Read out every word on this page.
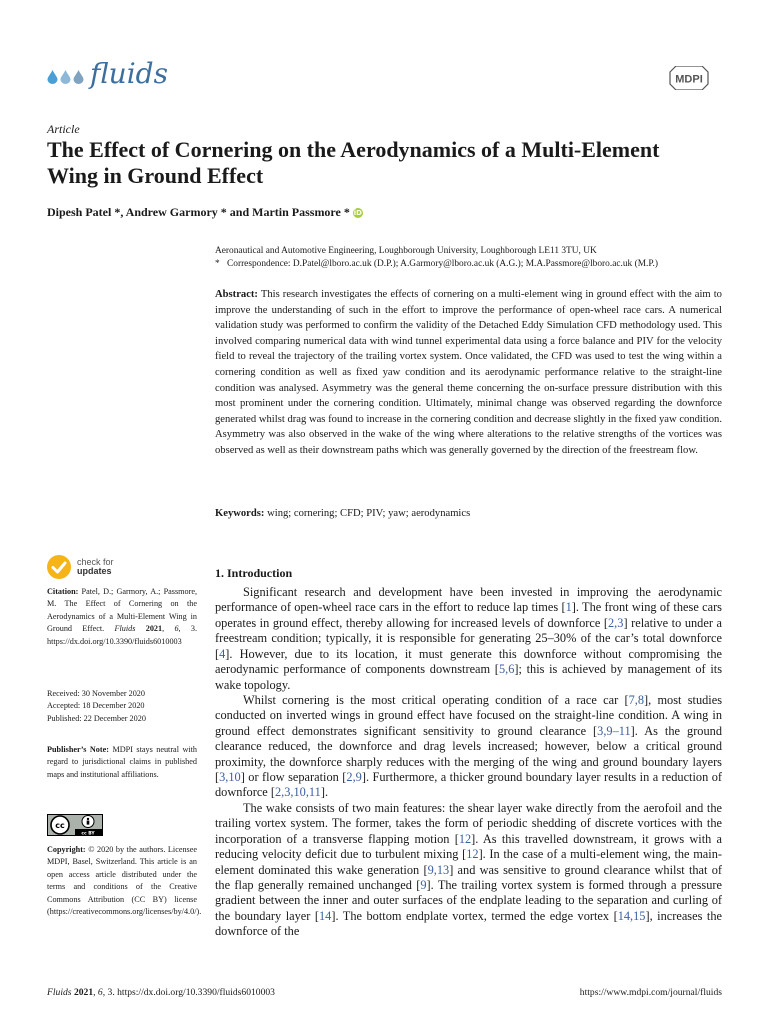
fluids	MDPI
Article
The Effect of Cornering on the Aerodynamics of a Multi-Element Wing in Ground Effect
Dipesh Patel *, Andrew Garmory * and Martin Passmore * iD
Aeronautical and Automotive Engineering, Loughborough University, Loughborough LE11 3TU, UK
* Correspondence: D.Patel@lboro.ac.uk (D.P.); A.Garmory@lboro.ac.uk (A.G.); M.A.Passmore@lboro.ac.uk (M.P.)
Abstract: This research investigates the effects of cornering on a multi-element wing in ground effect with the aim to improve the understanding of such in the effort to improve the performance of open-wheel race cars. A numerical validation study was performed to confirm the validity of the Detached Eddy Simulation CFD methodology used. This involved comparing numerical data with wind tunnel experimental data using a force balance and PIV for the velocity field to reveal the trajectory of the trailing vortex system. Once validated, the CFD was used to test the wing within a cornering condition as well as fixed yaw condition and its aerodynamic performance relative to the straight-line condition was analysed. Asymmetry was the general theme concerning the on-surface pressure distribution with this most prominent under the cornering condition. Ultimately, minimal change was observed regarding the downforce generated whilst drag was found to increase in the cornering condition and decrease slightly in the fixed yaw condition. Asymmetry was also observed in the wake of the wing where alterations to the relative strengths of the vortices was observed as well as their downstream paths which was generally governed by the direction of the freestream flow.
Keywords: wing; cornering; CFD; PIV; yaw; aerodynamics
check for
updates
Citation: Patel, D.; Garmory, A.; Passmore, M. The Effect of Cornering on the Aerodynamics of a Multi-Element Wing in Ground Effect. Fluids 2021, 6, 3. https://dx.doi.org/10.3390/fluids6010003

Received: 30 November 2020

Accepted: 18 December 2020

Published: 22 December 2020

Publisher’s Note: MDPI stays neutral with regard to jurisdictional claims in published maps and institutional affiliations.
cc
cc BY
Copyright: © 2020 by the authors. Licensee MDPI, Basel, Switzerland. This article is an open access article distributed under the terms and conditions of the Creative Commons Attribution (CC BY) license (https://creativecommons.org/licenses/by/4.0/).
1. Introduction

Significant research and development have been invested in improving the aerodynamic performance of open-wheel race cars in the effort to reduce lap times [1]. The front wing of these cars operates in ground effect, thereby allowing for increased levels of downforce [2,3] relative to under a freestream condition; typically, it is responsible for generating 25–30% of the car’s total downforce [4]. However, due to its location, it must generate this downforce without compromising the aerodynamic performance of components downstream [5,6]; this is achieved by management of its wake topology.

Whilst cornering is the most critical operating condition of a race car [7,8], most studies conducted on inverted wings in ground effect have focused on the straight-line condition. A wing in ground effect demonstrates significant sensitivity to ground clearance [3,9–11]. As the ground clearance reduced, the downforce and drag levels increased; however, below a critical ground proximity, the downforce sharply reduces with the merging of the wing and ground boundary layers [3,10] or flow separation [2,9]. Furthermore, a thicker ground boundary layer results in a reduction of downforce [2,3,10,11].

The wake consists of two main features: the shear layer wake directly from the aerofoil and the trailing vortex system. The former, takes the form of periodic shedding of discrete vortices with the incorporation of a transverse flapping motion [12]. As this travelled downstream, it grows with a reducing velocity deficit due to turbulent mixing [12]. In the case of a multi-element wing, the main-element dominated this wake generation [9,13] and was sensitive to ground clearance whilst that of the flap generally remained unchanged [9]. The trailing vortex system is formed through a pressure gradient between the inner and outer surfaces of the endplate leading to the separation and curling of the boundary layer [14]. The bottom endplate vortex, termed the edge vortex [14,15], increases the downforce of the

Fluids 2021, 6, 3. https://dx.doi.org/10.3390/fluids6010003	https://www.mdpi.com/journal/fluids
